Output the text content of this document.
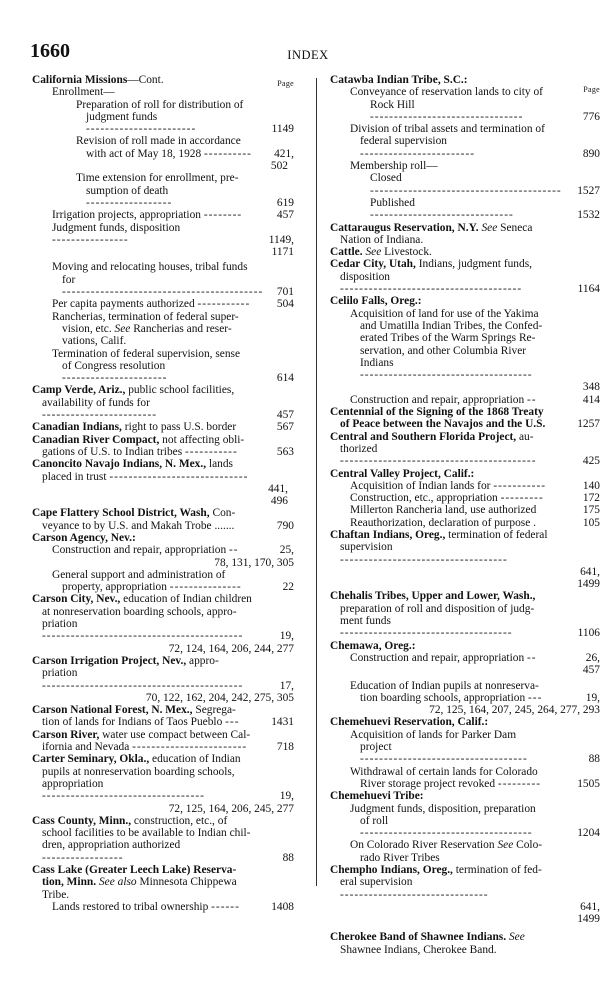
1660	INDEX
Page
California Missions—Cont.
Enrollment—
Preparation of roll for distribution of
judgment funds -----------------------	1149
Revision of roll made in accordance
with act of May 18, 1928 ---------- 421,
502
Time extension for enrollment, pre-
sumption of death ------------------	619
Irrigation projects, appropriation --------	457
Judgment funds, disposition ----------------	1149,
1171
Moving and relocating houses, tribal funds
for ------------------------------------------ 701
Per capita payments authorized ----------- 504
Rancherias, termination of federal super-
vision, etc. See Rancherias and reser-
vations, Calif.
Termination of federal supervision, sense
of Congress resolution ----------------------	614
Camp Verde, Ariz., public school facilities,
availability of funds for ------------------------	457
Canadian Indians, right to pass U.S. border	567
Canadian River Compact, not affecting obli-
gations of U.S. to Indian tribes -----------	563
Canoncito Navajo Indians, N. Mex., lands
placed in trust -----------------------------
441,
496
Cape Flattery School District, Wash, Con-
veyance to by U.S. and Makah Trobe .......	790
Carson Agency, Nev.:
Construction and repair, appropriation --	25,
78, 131, 170, 305
General support and administration of
property, appropriation ---------------	22
Carson City, Nev., education of Indian children
at nonreservation boarding schools, appro-
priation ------------------------------------------	19,
72, 124, 164, 206, 244, 277
Carson Irrigation Project, Nev., appro-
priation ------------------------------------------	17,
70, 122, 162, 204, 242, 275, 305
Carson National Forest, N. Mex., Segrega-
tion of lands for Indians of Taos Pueblo ---	1431
Carson River, water use compact between Cal-
ifornia and Nevada ------------------------	718
Carter Seminary, Okla., education of Indian
pupils at nonreservation boarding schools,
appropriation ----------------------------------	19,
72, 125, 164, 206, 245, 277
Cass County, Minn., construction, etc., of
school facilities to be available to Indian chil-
dren, appropriation authorized -----------------	88
Cass Lake (Greater Leech Lake) Reserva-
tion, Minn. See also Minnesota Chippewa
Tribe.
Lands restored to tribal ownership ------	1408
Page
Catawba Indian Tribe, S.C.:
Conveyance of reservation lands to city of
Rock Hill --------------------------------	776
Division of tribal assets and termination of
federal supervision ------------------------	890
Membership roll—
Closed ---------------------------------------- 1527
Published ------------------------------	1532
Cattaraugus Reservation, N.Y. See Seneca
Nation of Indiana.
Cattle. See Livestock.
Cedar City, Utah, Indians, judgment funds,
disposition --------------------------------------	1164
Celilo Falls, Oreg.:
Acquisition of land for use of the Yakima
and Umatilla Indian Tribes, the Confed-
erated Tribes of the Warm Springs Re-
servation, and other Columbia River
Indians ------------------------------------
348
Construction and repair, appropriation --	414
Centennial of the Signing of the 1868 Treaty
of Peace between the Navajos and the U.S.	1257
Central and Southern Florida Project, au-
thorized -----------------------------------------	425
Central Valley Project, Calif.:
Acquisition of Indian lands for -----------	140
Construction, etc., appropriation ---------	172
Millerton Rancheria land, use authorized	175
Reauthorization, declaration of purpose .	105
Chaftan Indians, Oreg., termination of federal
supervision -----------------------------------
641,
1499
Chehalis Tribes, Upper and Lower, Wash.,
preparation of roll and disposition of judg-
ment funds ------------------------------------	1106
Chemawa, Oreg.:
Construction and repair, appropriation --	26,
457
Education of Indian pupils at nonreserva-
tion boarding schools, appropriation ---	19,
72, 125, 164, 207, 245, 264, 277, 293
Chemehuevi Reservation, Calif.:
Acquisition of lands for Parker Dam
project -----------------------------------	88
Withdrawal of certain lands for Colorado
River storage project revoked ---------	1505
Chemehuevi Tribe:
Judgment funds, disposition, preparation
of roll ------------------------------------	1204
On Colorado River Reservation See Colo-
rado River Tribes
Chempho Indians, Oreg., termination of fed-
eral supervision -------------------------------
641,
1499
Cherokee Band of Shawnee Indians. See
Shawnee Indians, Cherokee Band.
